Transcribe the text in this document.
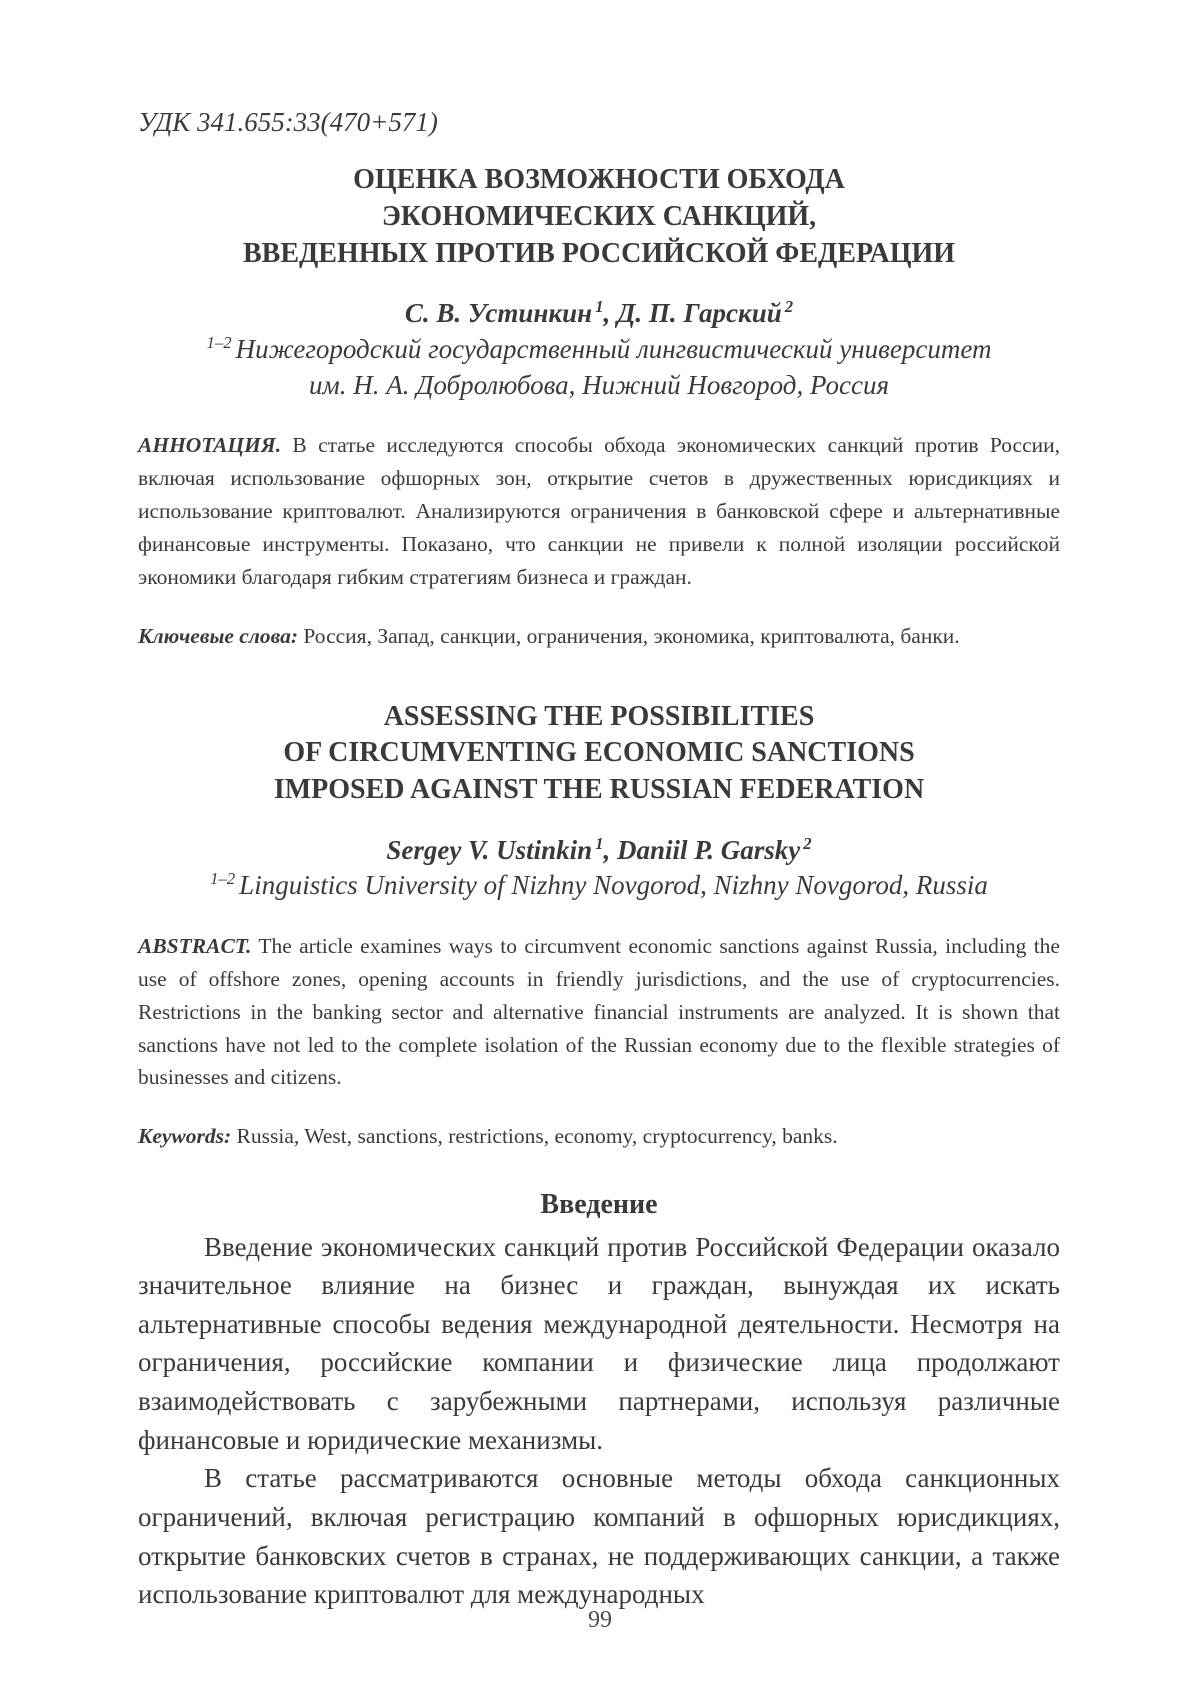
УДК 341.655:33(470+571)
ОЦЕНКА ВОЗМОЖНОСТИ ОБХОДА
ЭКОНОМИЧЕСКИХ САНКЦИЙ,
ВВЕДЕННЫХ ПРОТИВ РОССИЙСКОЙ ФЕДЕРАЦИИ
С. В. Устинкин $^1$, Д. П. Гарский $^2$
$^{1-2}$ Нижегородский государственный лингвистический университет
им. Н. А. Добролюбова, Нижний Новгород, Россия

АННОТАЦИЯ. В статье исследуются способы обхода экономических санкций против России, включая использование офшорных зон, открытие счетов в дружественных юрисдикциях и использование криптовалют. Анализируются ограничения в банковской сфере и альтернативные финансовые инструменты. Показано, что санкции не привели к полной изоляции российской экономики благодаря гибким стратегиям бизнеса и граждан.

Ключевые слова: Россия, Запад, санкции, ограничения, экономика, криптовалюта, банки.

ASSESSING THE POSSIBILITIES
OF CIRCUMVENTING ECONOMIC SANCTIONS
IMPOSED AGAINST THE RUSSIAN FEDERATION
Sergey V. Ustinkin $^1$, Daniil P. Garsky $^2$
$^{1-2}$ Linguistics University of Nizhny Novgorod, Nizhny Novgorod, Russia

ABSTRACT. The article examines ways to circumvent economic sanctions against Russia, including the use of offshore zones, opening accounts in friendly jurisdictions, and the use of cryptocurrencies. Restrictions in the banking sector and alternative financial instruments are analyzed. It is shown that sanctions have not led to the complete isolation of the Russian economy due to the flexible strategies of businesses and citizens.

Keywords: Russia, West, sanctions, restrictions, economy, cryptocurrency, banks.

Введение

Введение экономических санкций против Российской Федерации оказало значительное влияние на бизнес и граждан, вынуждая их искать альтернативные способы ведения международной деятельности. Несмотря на ограничения, российские компании и физические лица продолжают взаимодействовать с зарубежными партнерами, используя различные финансовые и юридические механизмы.

В статье рассматриваются основные методы обхода санкционных ограничений, включая регистрацию компаний в офшорных юрисдикциях, открытие банковских счетов в странах, не поддерживающих санкции, а также использование криптовалют для международных

99
